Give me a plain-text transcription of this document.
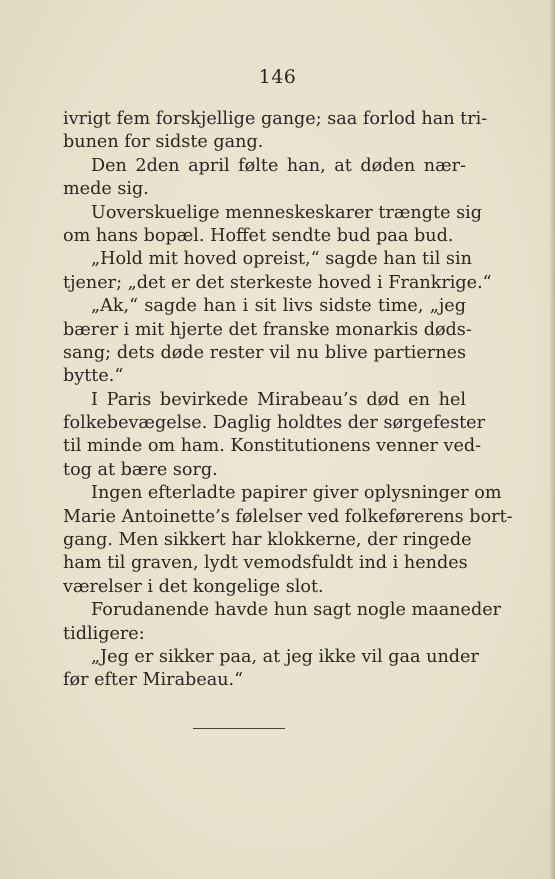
146
ivrigt fem forskjellige gange; saa forlod han tri-
bunen for sidste gang.
Den 2den april følte han, at døden nær-
mede sig.
Uoverskuelige menneskeskarer trængte sig
om hans bopæl. Hoffet sendte bud paa bud.
„Hold mit hoved opreist,“ sagde han til sin
tjener; „det er det sterkeste hoved i Frankrige.“
„Ak,“ sagde han i sit livs sidste time, „jeg
bærer i mit hjerte det franske monarkis døds-
sang; dets døde rester vil nu blive partiernes
bytte.“
I Paris bevirkede Mirabeau’s død en hel
folkebevægelse. Daglig holdtes der sørgefester
til minde om ham. Konstitutionens venner ved-
tog at bære sorg.
Ingen efterladte papirer giver oplysninger om
Marie Antoinette’s følelser ved folkeførerens bort-
gang. Men sikkert har klokkerne, der ringede
ham til graven, lydt vemodsfuldt ind i hendes
værelser i det kongelige slot.
Forudanende havde hun sagt nogle maaneder
tidligere:
„Jeg er sikker paa, at jeg ikke vil gaa under
før efter Mirabeau.“
